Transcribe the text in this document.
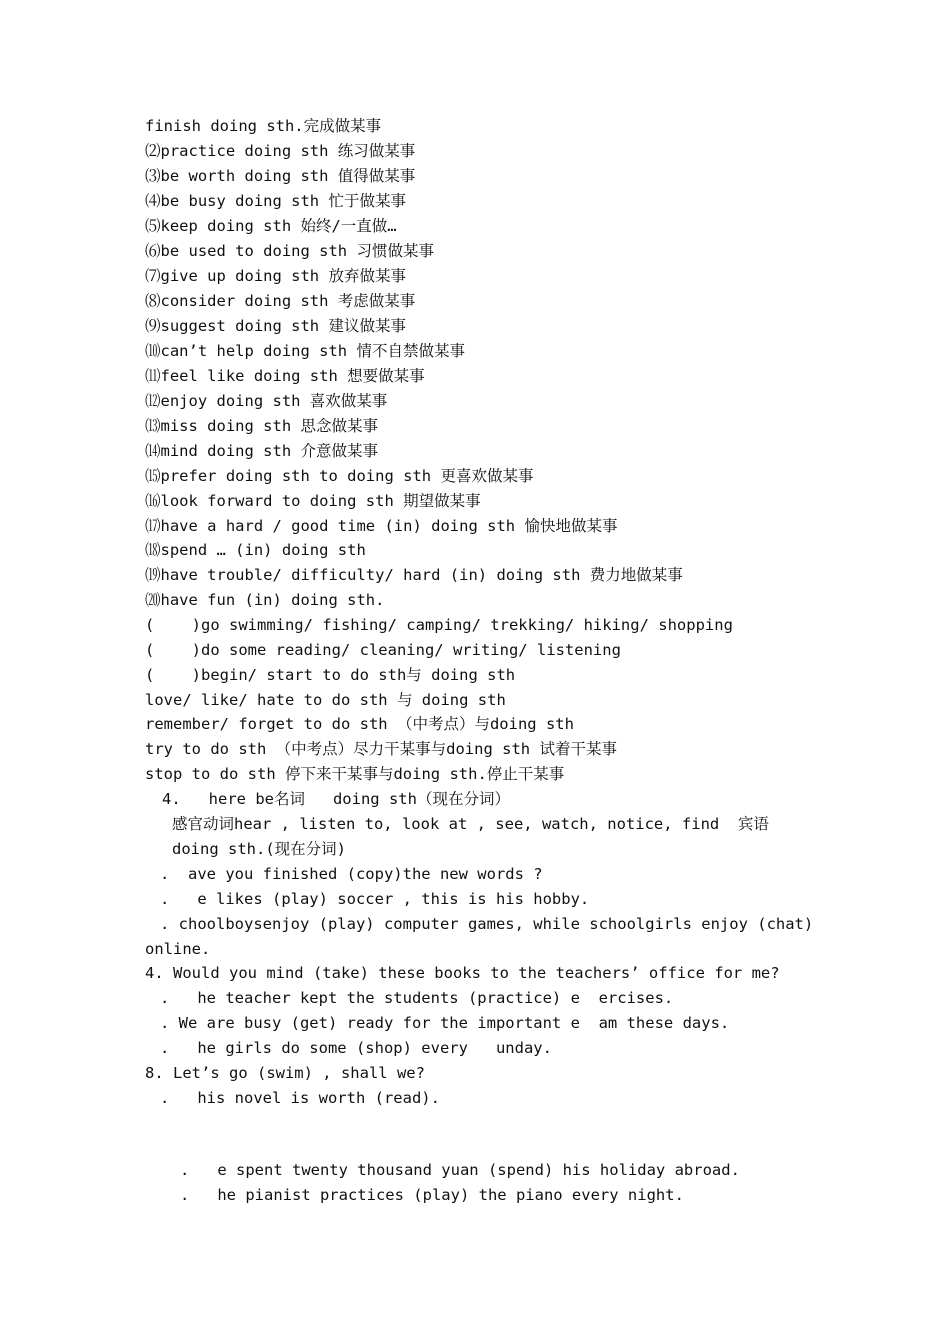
finish doing sth.完成做某事
⑵practice doing sth 练习做某事
⑶be worth doing sth 值得做某事
⑷be busy doing sth 忙于做某事
⑸keep doing sth 始终/一直做…
⑹be used to doing sth 习惯做某事
⑺give up doing sth 放弃做某事
⑻consider doing sth 考虑做某事
⑼suggest doing sth 建议做某事
⑽can’t help doing sth 情不自禁做某事
⑾feel like doing sth 想要做某事
⑿enjoy doing sth 喜欢做某事
⒀miss doing sth 思念做某事
⒁mind doing sth 介意做某事
⒂prefer doing sth to doing sth 更喜欢做某事
⒃look forward to doing sth 期望做某事
⒄have a hard / good time (in) doing sth 愉快地做某事
⒅spend … (in) doing sth
⒆have trouble/ difficulty/ hard (in) doing sth 费力地做某事
⒇have fun (in) doing sth.
(    )go swimming/ fishing/ camping/ trekking/ hiking/ shopping
(    )do some reading/ cleaning/ writing/ listening
(    )begin/ start to do sth与 doing sth
love/ like/ hate to do sth 与 doing sth
remember/ forget to do sth （中考点）与doing sth
try to do sth （中考点）尽力干某事与doing sth 试着干某事
stop to do sth 停下来干某事与doing sth.停止干某事
4.   here be名词   doing sth（现在分词）
感官动词hear , listen to, look at , see, watch, notice, find  宾语
doing sth.(现在分词)
.  ave you finished (copy)the new words ?
.   e likes (play) soccer , this is his hobby.
. choolboysenjoy (play) computer games, while schoolgirls enjoy (chat)
online.
4. Would you mind (take) these books to the teachers’ office for me?
.   he teacher kept the students (practice) e  ercises.
. We are busy (get) ready for the important e  am these days.
.   he girls do some (shop) every   unday.
8. Let’s go (swim) , shall we?
.   his novel is worth (read).
.   e spent twenty thousand yuan (spend) his holiday abroad.
.   he pianist practices (play) the piano every night.
